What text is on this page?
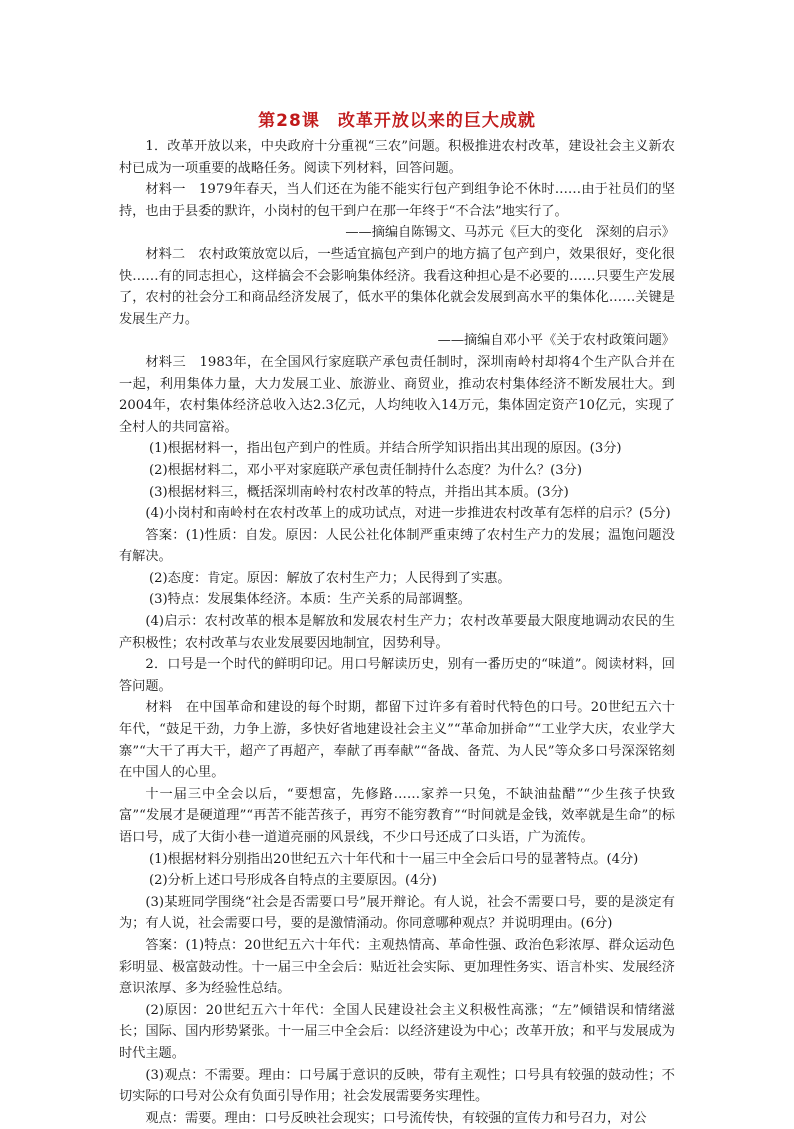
第28课　改革开放以来的巨大成就

1．改革开放以来，中央政府十分重视“三农”问题。积极推进农村改革，建设社会主义新农村已成为一项重要的战略任务。阅读下列材料，回答问题。

材料一　1979年春天，当人们还在为能不能实行包产到组争论不休时……由于社员们的坚持，也由于县委的默许，小岗村的包干到户在那一年终于“不合法”地实行了。

——摘编自陈锡文、马苏元《巨大的变化　深刻的启示》

材料二　农村政策放宽以后，一些适宜搞包产到户的地方搞了包产到户，效果很好，变化很快……有的同志担心，这样搞会不会影响集体经济。我看这种担心是不必要的……只要生产发展了，农村的社会分工和商品经济发展了，低水平的集体化就会发展到高水平的集体化……关键是发展生产力。

——摘编自邓小平《关于农村政策问题》

材料三　1983年，在全国风行家庭联产承包责任制时，深圳南岭村却将4个生产队合并在一起，利用集体力量，大力发展工业、旅游业、商贸业，推动农村集体经济不断发展壮大。到2004年，农村集体经济总收入达2.3亿元，人均纯收入14万元，集体固定资产10亿元，实现了全村人的共同富裕。

(1)根据材料一，指出包产到户的性质。并结合所学知识指出其出现的原因。(3分)

(2)根据材料二，邓小平对家庭联产承包责任制持什么态度？为什么？(3分)

(3)根据材料三，概括深圳南岭村农村改革的特点，并指出其本质。(3分)

(4)小岗村和南岭村在农村改革上的成功试点，对进一步推进农村改革有怎样的启示？(5分)

答案：(1)性质：自发。原因：人民公社化体制严重束缚了农村生产力的发展；温饱问题没有解决。

(2)态度：肯定。原因：解放了农村生产力；人民得到了实惠。

(3)特点：发展集体经济。本质：生产关系的局部调整。

(4)启示：农村改革的根本是解放和发展农村生产力；农村改革要最大限度地调动农民的生产积极性；农村改革与农业发展要因地制宜，因势利导。

2．口号是一个时代的鲜明印记。用口号解读历史，别有一番历史的“味道”。阅读材料，回答问题。

材料　在中国革命和建设的每个时期，都留下过许多有着时代特色的口号。20世纪五六十年代，“鼓足干劲，力争上游，多快好省地建设社会主义”“革命加拼命”“工业学大庆，农业学大寨”“大干了再大干，超产了再超产，奉献了再奉献”“备战、备荒、为人民”等众多口号深深铭刻在中国人的心里。

十一届三中全会以后，“要想富，先修路……家养一只兔，不缺油盐醋”“少生孩子快致富”“发展才是硬道理”“再苦不能苦孩子，再穷不能穷教育”“时间就是金钱，效率就是生命”的标语口号，成了大街小巷一道道亮丽的风景线，不少口号还成了口头语，广为流传。

(1)根据材料分别指出20世纪五六十年代和十一届三中全会后口号的显著特点。(4分)

(2)分析上述口号形成各自特点的主要原因。(4分)

(3)某班同学围绕“社会是否需要口号”展开辩论。有人说，社会不需要口号，要的是淡定有为；有人说，社会需要口号，要的是激情涌动。你同意哪种观点？并说明理由。(6分)

答案：(1)特点：20世纪五六十年代：主观热情高、革命性强、政治色彩浓厚、群众运动色彩明显、极富鼓动性。十一届三中全会后：贴近社会实际、更加理性务实、语言朴实、发展经济意识浓厚、多为经验性总结。

(2)原因：20世纪五六十年代：全国人民建设社会主义积极性高涨；“左”倾错误和情绪滋长；国际、国内形势紧张。十一届三中全会后：以经济建设为中心；改革开放；和平与发展成为时代主题。

(3)观点：不需要。理由：口号属于意识的反映，带有主观性；口号具有较强的鼓动性；不切实际的口号对公众有负面引导作用；社会发展需要务实理性。

观点：需要。理由：口号反映社会现实；口号流传快，有较强的宣传力和号召力，对公
